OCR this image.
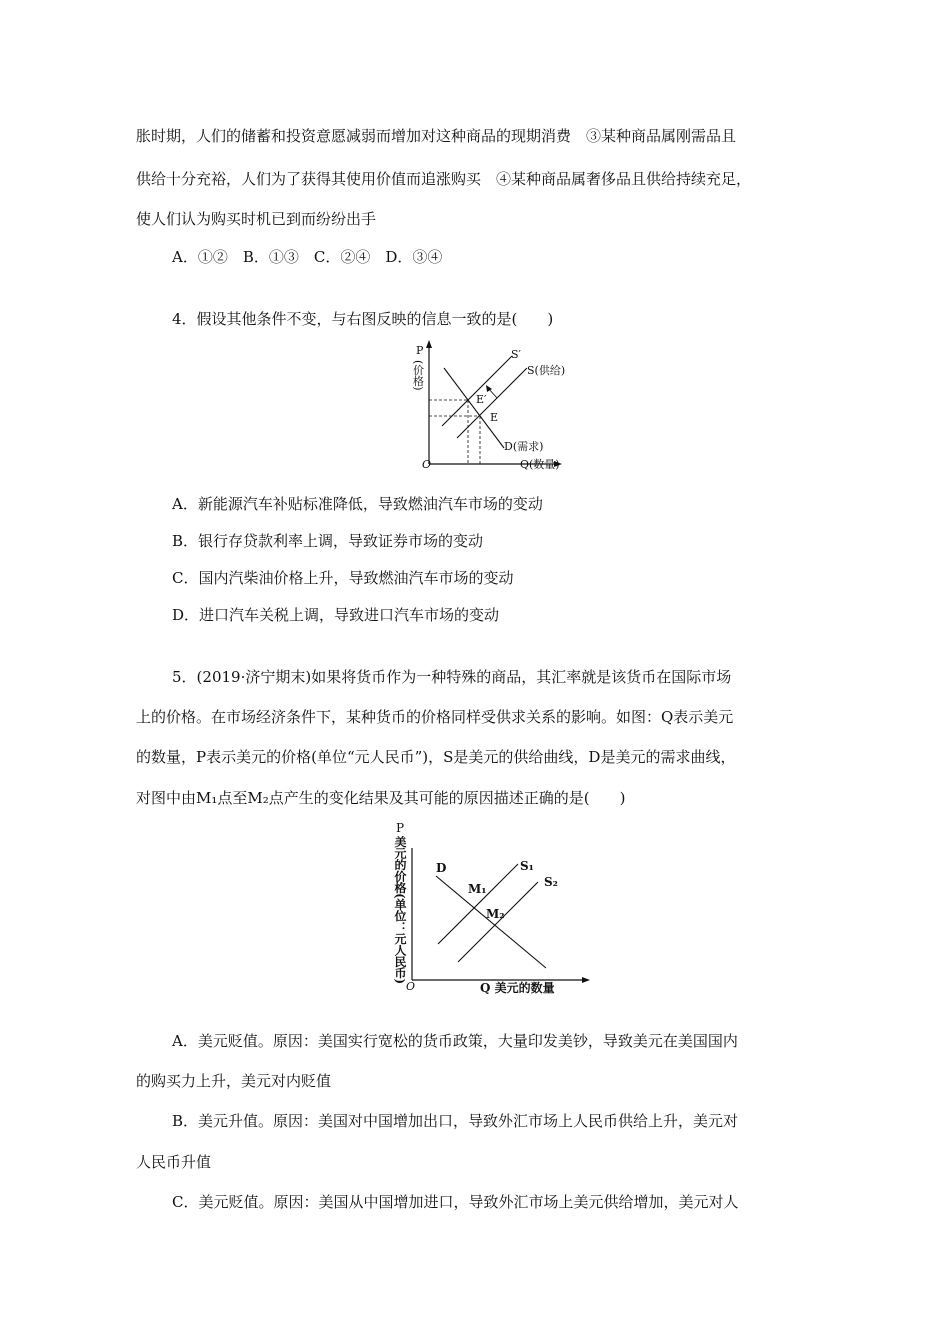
胀时期，人们的储蓄和投资意愿减弱而增加对这种商品的现期消费　③某种商品属刚需品且
供给十分充裕，人们为了获得其使用价值而追涨购买　④某种商品属奢侈品且供给持续充足，
使人们认为购买时机已到而纷纷出手
A．①②　B．①③　C．②④　D．③④
4．假设其他条件不变，与右图反映的信息一致的是(　　)
P
(价格)
O	Q(数量)
S′
S(供给)
E′
E
D(需求)
A．新能源汽车补贴标准降低，导致燃油汽车市场的变动
B．银行存贷款利率上调，导致证券市场的变动
C．国内汽柴油价格上升，导致燃油汽车市场的变动
D．进口汽车关税上调，导致进口汽车市场的变动
5．(2019·济宁期末)如果将货币作为一种特殊的商品，其汇率就是该货币在国际市场
上的价格。在市场经济条件下，某种货币的价格同样受供求关系的影响。如图：Q表示美元
的数量，P表示美元的价格(单位“元人民币”)，S是美元的供给曲线，D是美元的需求曲线，
对图中由M₁点至M₂点产生的变化结果及其可能的原因描述正确的是(　　)
P
美元的价格(单位：元人民币) O	Q 美元的数量
D	S₁
S₂
M₁
M₂
A．美元贬值。原因：美国实行宽松的货币政策，大量印发美钞，导致美元在美国国内
的购买力上升，美元对内贬值
B．美元升值。原因：美国对中国增加出口，导致外汇市场上人民币供给上升，美元对
人民币升值
C．美元贬值。原因：美国从中国增加进口，导致外汇市场上美元供给增加，美元对人
